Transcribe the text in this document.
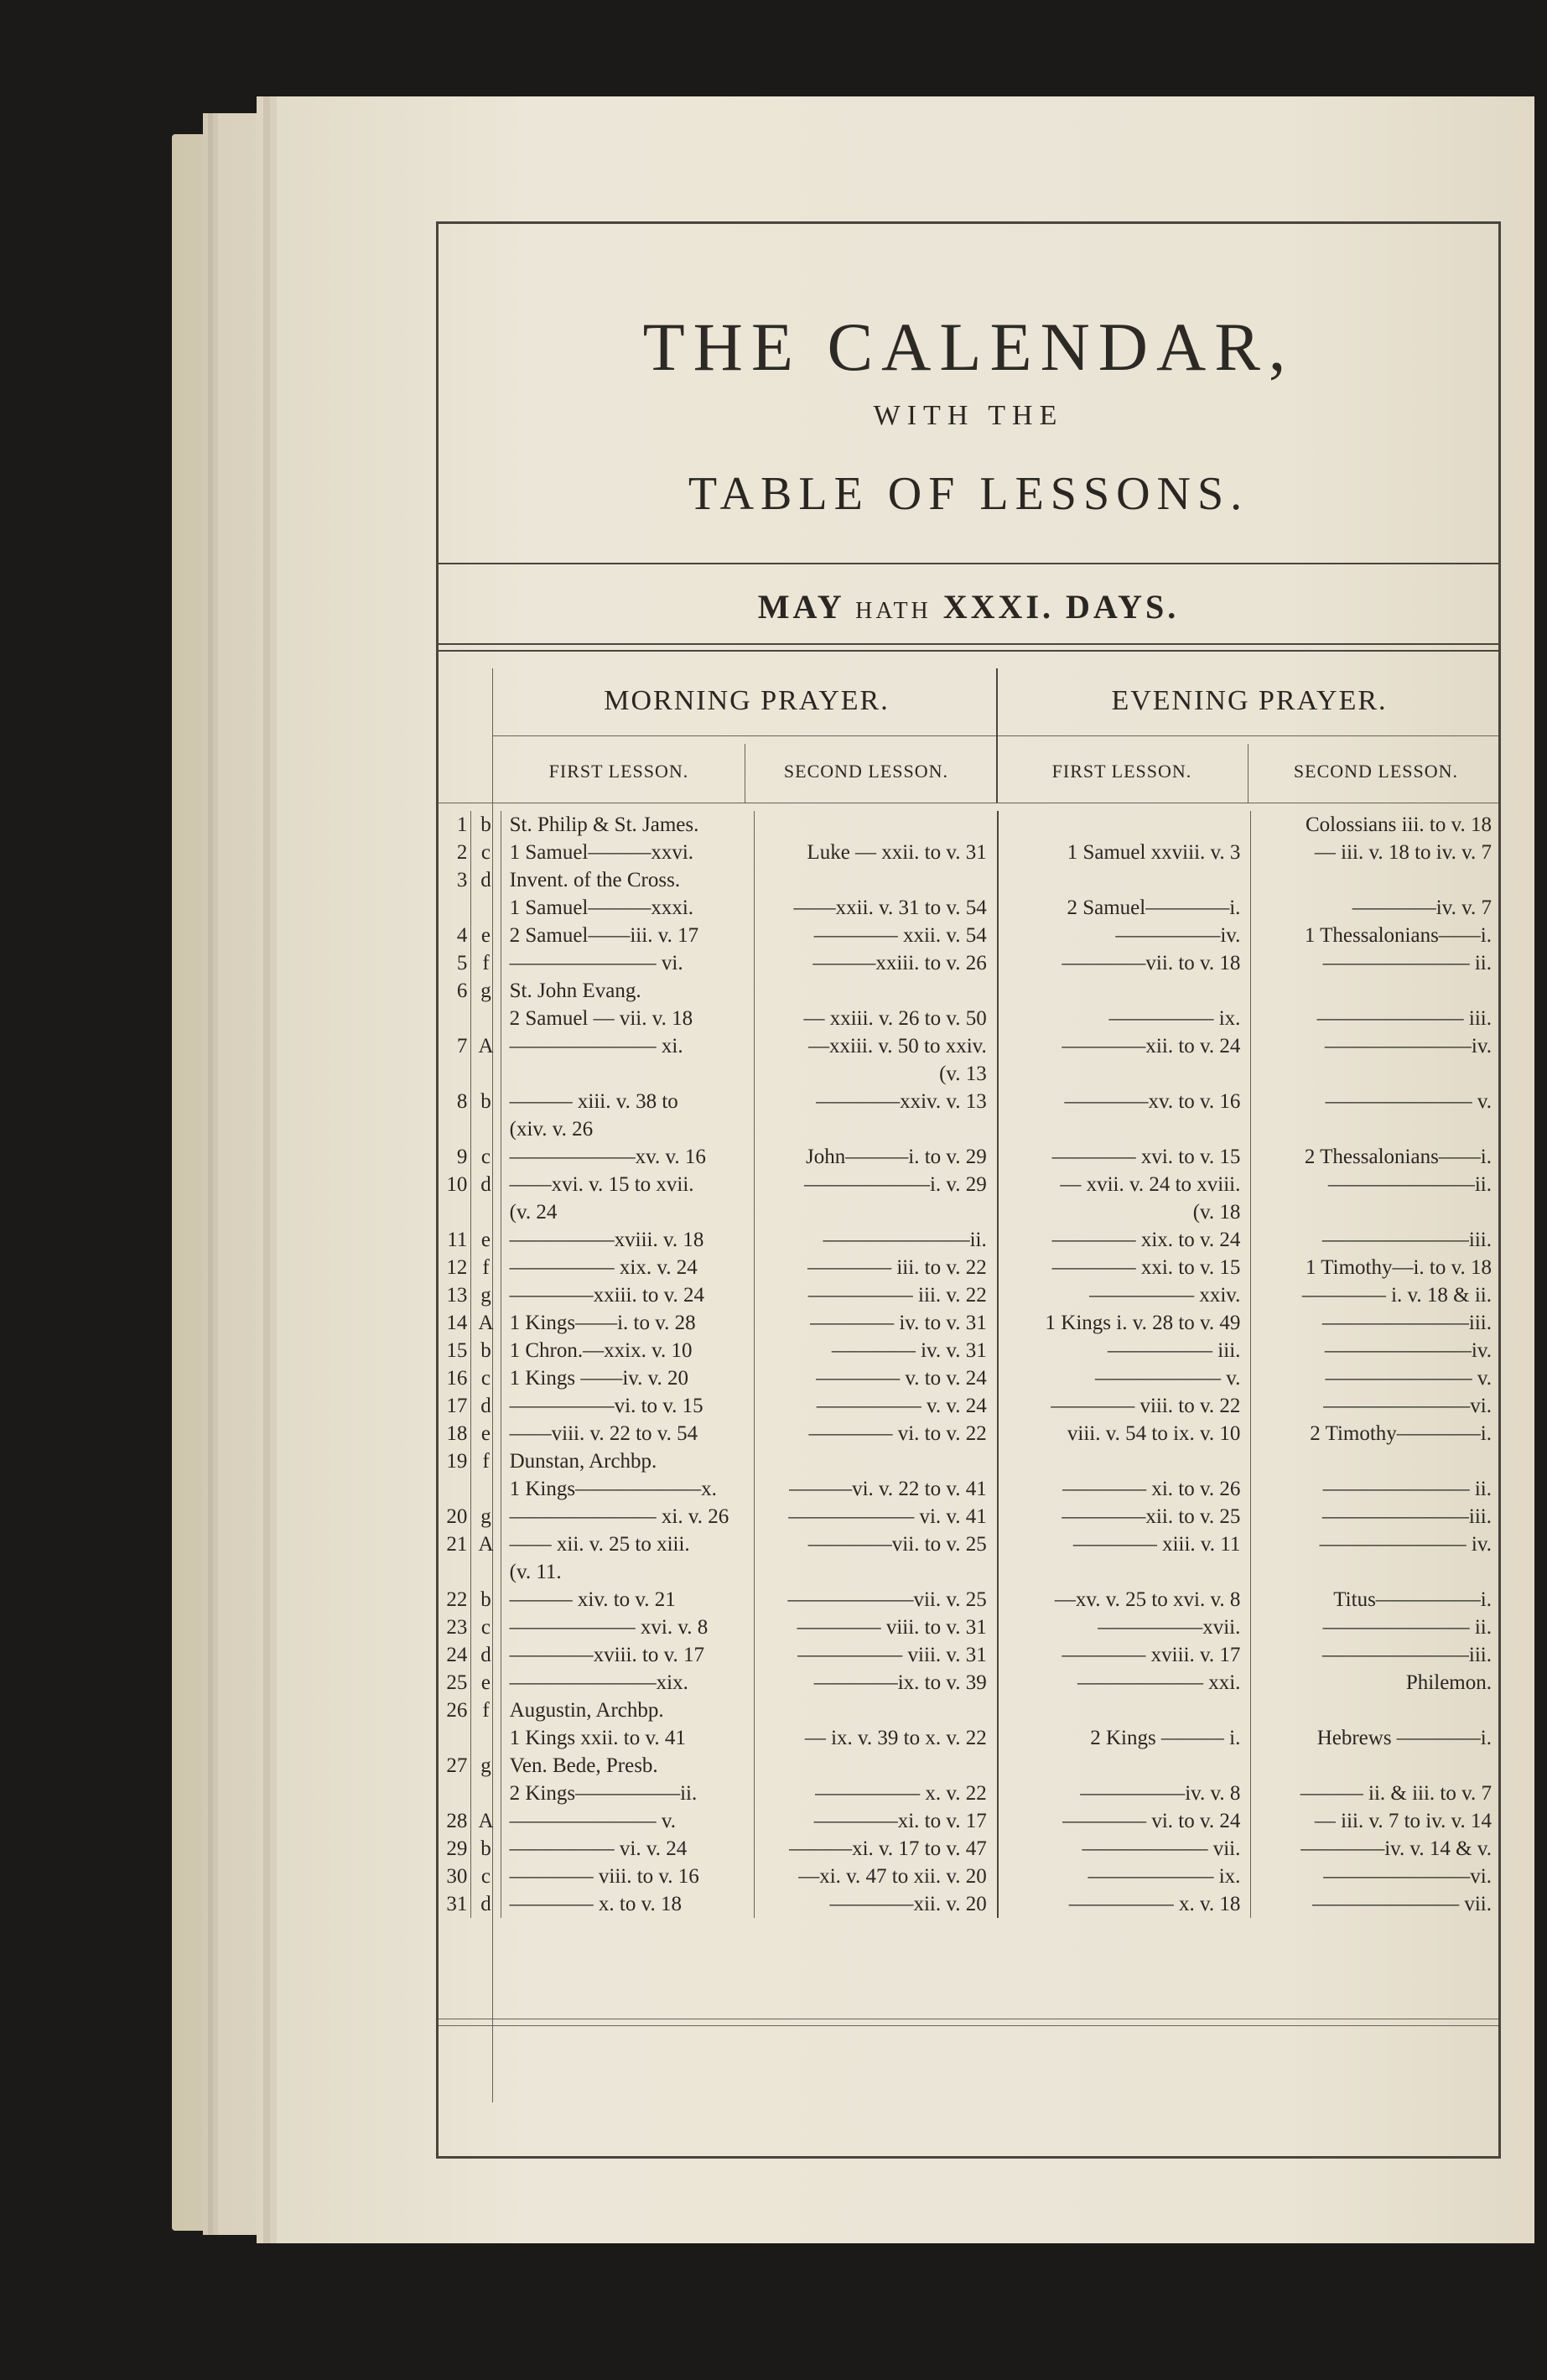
THE CALENDAR,
WITH THE
TABLE OF LESSONS.
MAY HATH XXXI. DAYS.
MORNING PRAYER.	EVENING PRAYER.
FIRST LESSON.	SECOND LESSON.	FIRST LESSON.	SECOND LESSON.
1	b	St. Philip & St. James.			Colossians iii. to v. 18
2	c	1 Samuel———xxvi.	Luke — xxii. to v. 31	1 Samuel xxviii. v. 3	— iii. v. 18 to iv. v. 7
3	d	Invent. of the Cross.			
		1 Samuel———xxxi.	——xxii. v. 31 to v. 54	2 Samuel————i.	————iv. v. 7
4	e	2 Samuel——iii. v. 17	———— xxii. v. 54	—————iv.	1 Thessalonians——i.
5	f	——————— vi.	———xxiii. to v. 26	————vii. to v. 18	——————— ii.
6	g	St. John Evang.			
		2 Samuel — vii. v. 18	— xxiii. v. 26 to v. 50	————— ix.	——————— iii.
7	A	——————— xi.	—xxiii. v. 50 to xxiv.	————xii. to v. 24	———————iv.
			(v. 13		
8	b	——— xiii. v. 38 to	————xxiv. v. 13	————xv. to v. 16	——————— v.
		(xiv. v. 26			
9	c	——————xv. v. 16	John———i. to v. 29	———— xvi. to v. 15	2 Thessalonians——i.
10	d	——xvi. v. 15 to xvii.	——————i. v. 29	— xvii. v. 24 to xviii.	———————ii.
		(v. 24		(v. 18	
11	e	—————xviii. v. 18	———————ii.	———— xix. to v. 24	———————iii.
12	f	————— xix. v. 24	———— iii. to v. 22	———— xxi. to v. 15	1 Timothy—i. to v. 18
13	g	————xxiii. to v. 24	————— iii. v. 22	————— xxiv.	———— i. v. 18 & ii.
14	A	1 Kings——i. to v. 28	———— iv. to v. 31	1 Kings i. v. 28 to v. 49	———————iii.
15	b	1 Chron.—xxix. v. 10	———— iv. v. 31	————— iii.	———————iv.
16	c	1 Kings ——iv. v. 20	———— v. to v. 24	—————— v.	——————— v.
17	d	—————vi. to v. 15	————— v. v. 24	———— viii. to v. 22	———————vi.
18	e	——viii. v. 22 to v. 54	———— vi. to v. 22	viii. v. 54 to ix. v. 10	2 Timothy————i.
19	f	Dunstan, Archbp.			
		1 Kings——————x.	———vi. v. 22 to v. 41	———— xi. to v. 26	——————— ii.
20	g	——————— xi. v. 26	—————— vi. v. 41	————xii. to v. 25	———————iii.
21	A	—— xii. v. 25 to xiii.	————vii. to v. 25	———— xiii. v. 11	——————— iv.
		(v. 11.			
22	b	——— xiv. to v. 21	——————vii. v. 25	—xv. v. 25 to xvi. v. 8	Titus—————i.
23	c	—————— xvi. v. 8	———— viii. to v. 31	—————xvii.	——————— ii.
24	d	————xviii. to v. 17	————— viii. v. 31	———— xviii. v. 17	———————iii.
25	e	———————xix.	————ix. to v. 39	—————— xxi.	Philemon.
26	f	Augustin, Archbp.			
		1 Kings xxii. to v. 41	— ix. v. 39 to x. v. 22	2 Kings ——— i.	Hebrews ————i.
27	g	Ven. Bede, Presb.			
		2 Kings—————ii.	————— x. v. 22	—————iv. v. 8	——— ii. & iii. to v. 7
28	A	——————— v.	————xi. to v. 17	———— vi. to v. 24	— iii. v. 7 to iv. v. 14
29	b	————— vi. v. 24	———xi. v. 17 to v. 47	—————— vii.	————iv. v. 14 & v.
30	c	———— viii. to v. 16	—xi. v. 47 to xii. v. 20	—————— ix.	———————vi.
31	d	———— x. to v. 18	————xii. v. 20	————— x. v. 18	——————— vii.
